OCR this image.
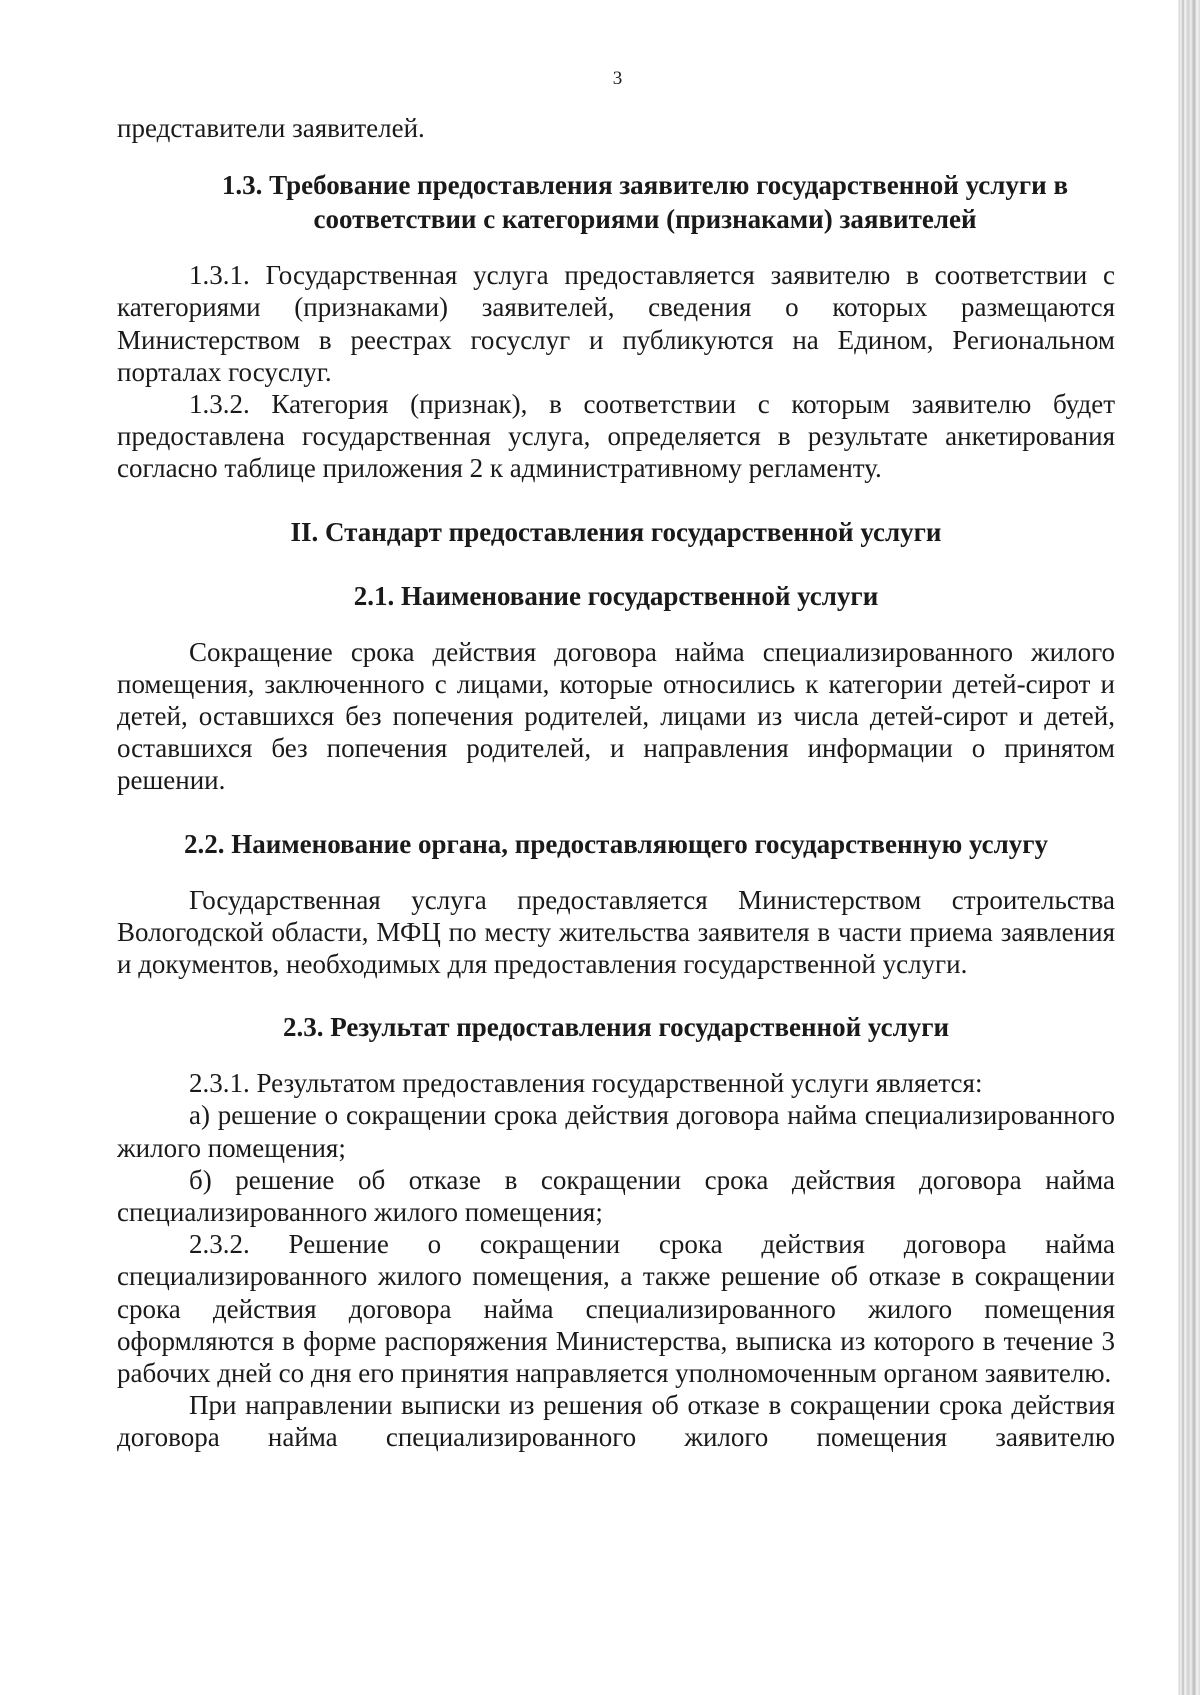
3

представители заявителей.

1.3. Требование предоставления заявителю государственной услуги в соответствии с категориями (признаками) заявителей

1.3.1. Государственная услуга предоставляется заявителю в соответствии с категориями (признаками) заявителей, сведения о которых размещаются Министерством в реестрах госуслуг и публикуются на Едином, Региональном порталах госуслуг.

1.3.2. Категория (признак), в соответствии с которым заявителю будет предоставлена государственная услуга, определяется в результате анкетирования согласно таблице приложения 2 к административному регламенту.

II. Стандарт предоставления государственной услуги

2.1. Наименование государственной услуги

Сокращение срока действия договора найма специализированного жилого помещения, заключенного с лицами, которые относились к категории детей-сирот и детей, оставшихся без попечения родителей, лицами из числа детей-сирот и детей, оставшихся без попечения родителей, и направления информации о принятом решении.

2.2. Наименование органа, предоставляющего государственную услугу

Государственная услуга предоставляется Министерством строительства Вологодской области, МФЦ по месту жительства заявителя в части приема заявления и документов, необходимых для предоставления государственной услуги.

2.3. Результат предоставления государственной услуги

2.3.1. Результатом предоставления государственной услуги является:

а) решение о сокращении срока действия договора найма специализированного жилого помещения;

б) решение об отказе в сокращении срока действия договора найма специализированного жилого помещения;

2.3.2. Решение о сокращении срока действия договора найма специализированного жилого помещения, а также решение об отказе в сокращении срока действия договора найма специализированного жилого помещения оформляются в форме распоряжения Министерства, выписка из которого в течение 3 рабочих дней со дня его принятия направляется уполномоченным органом заявителю.

При направлении выписки из решения об отказе в сокращении срока действия договора найма специализированного жилого помещения заявителю
